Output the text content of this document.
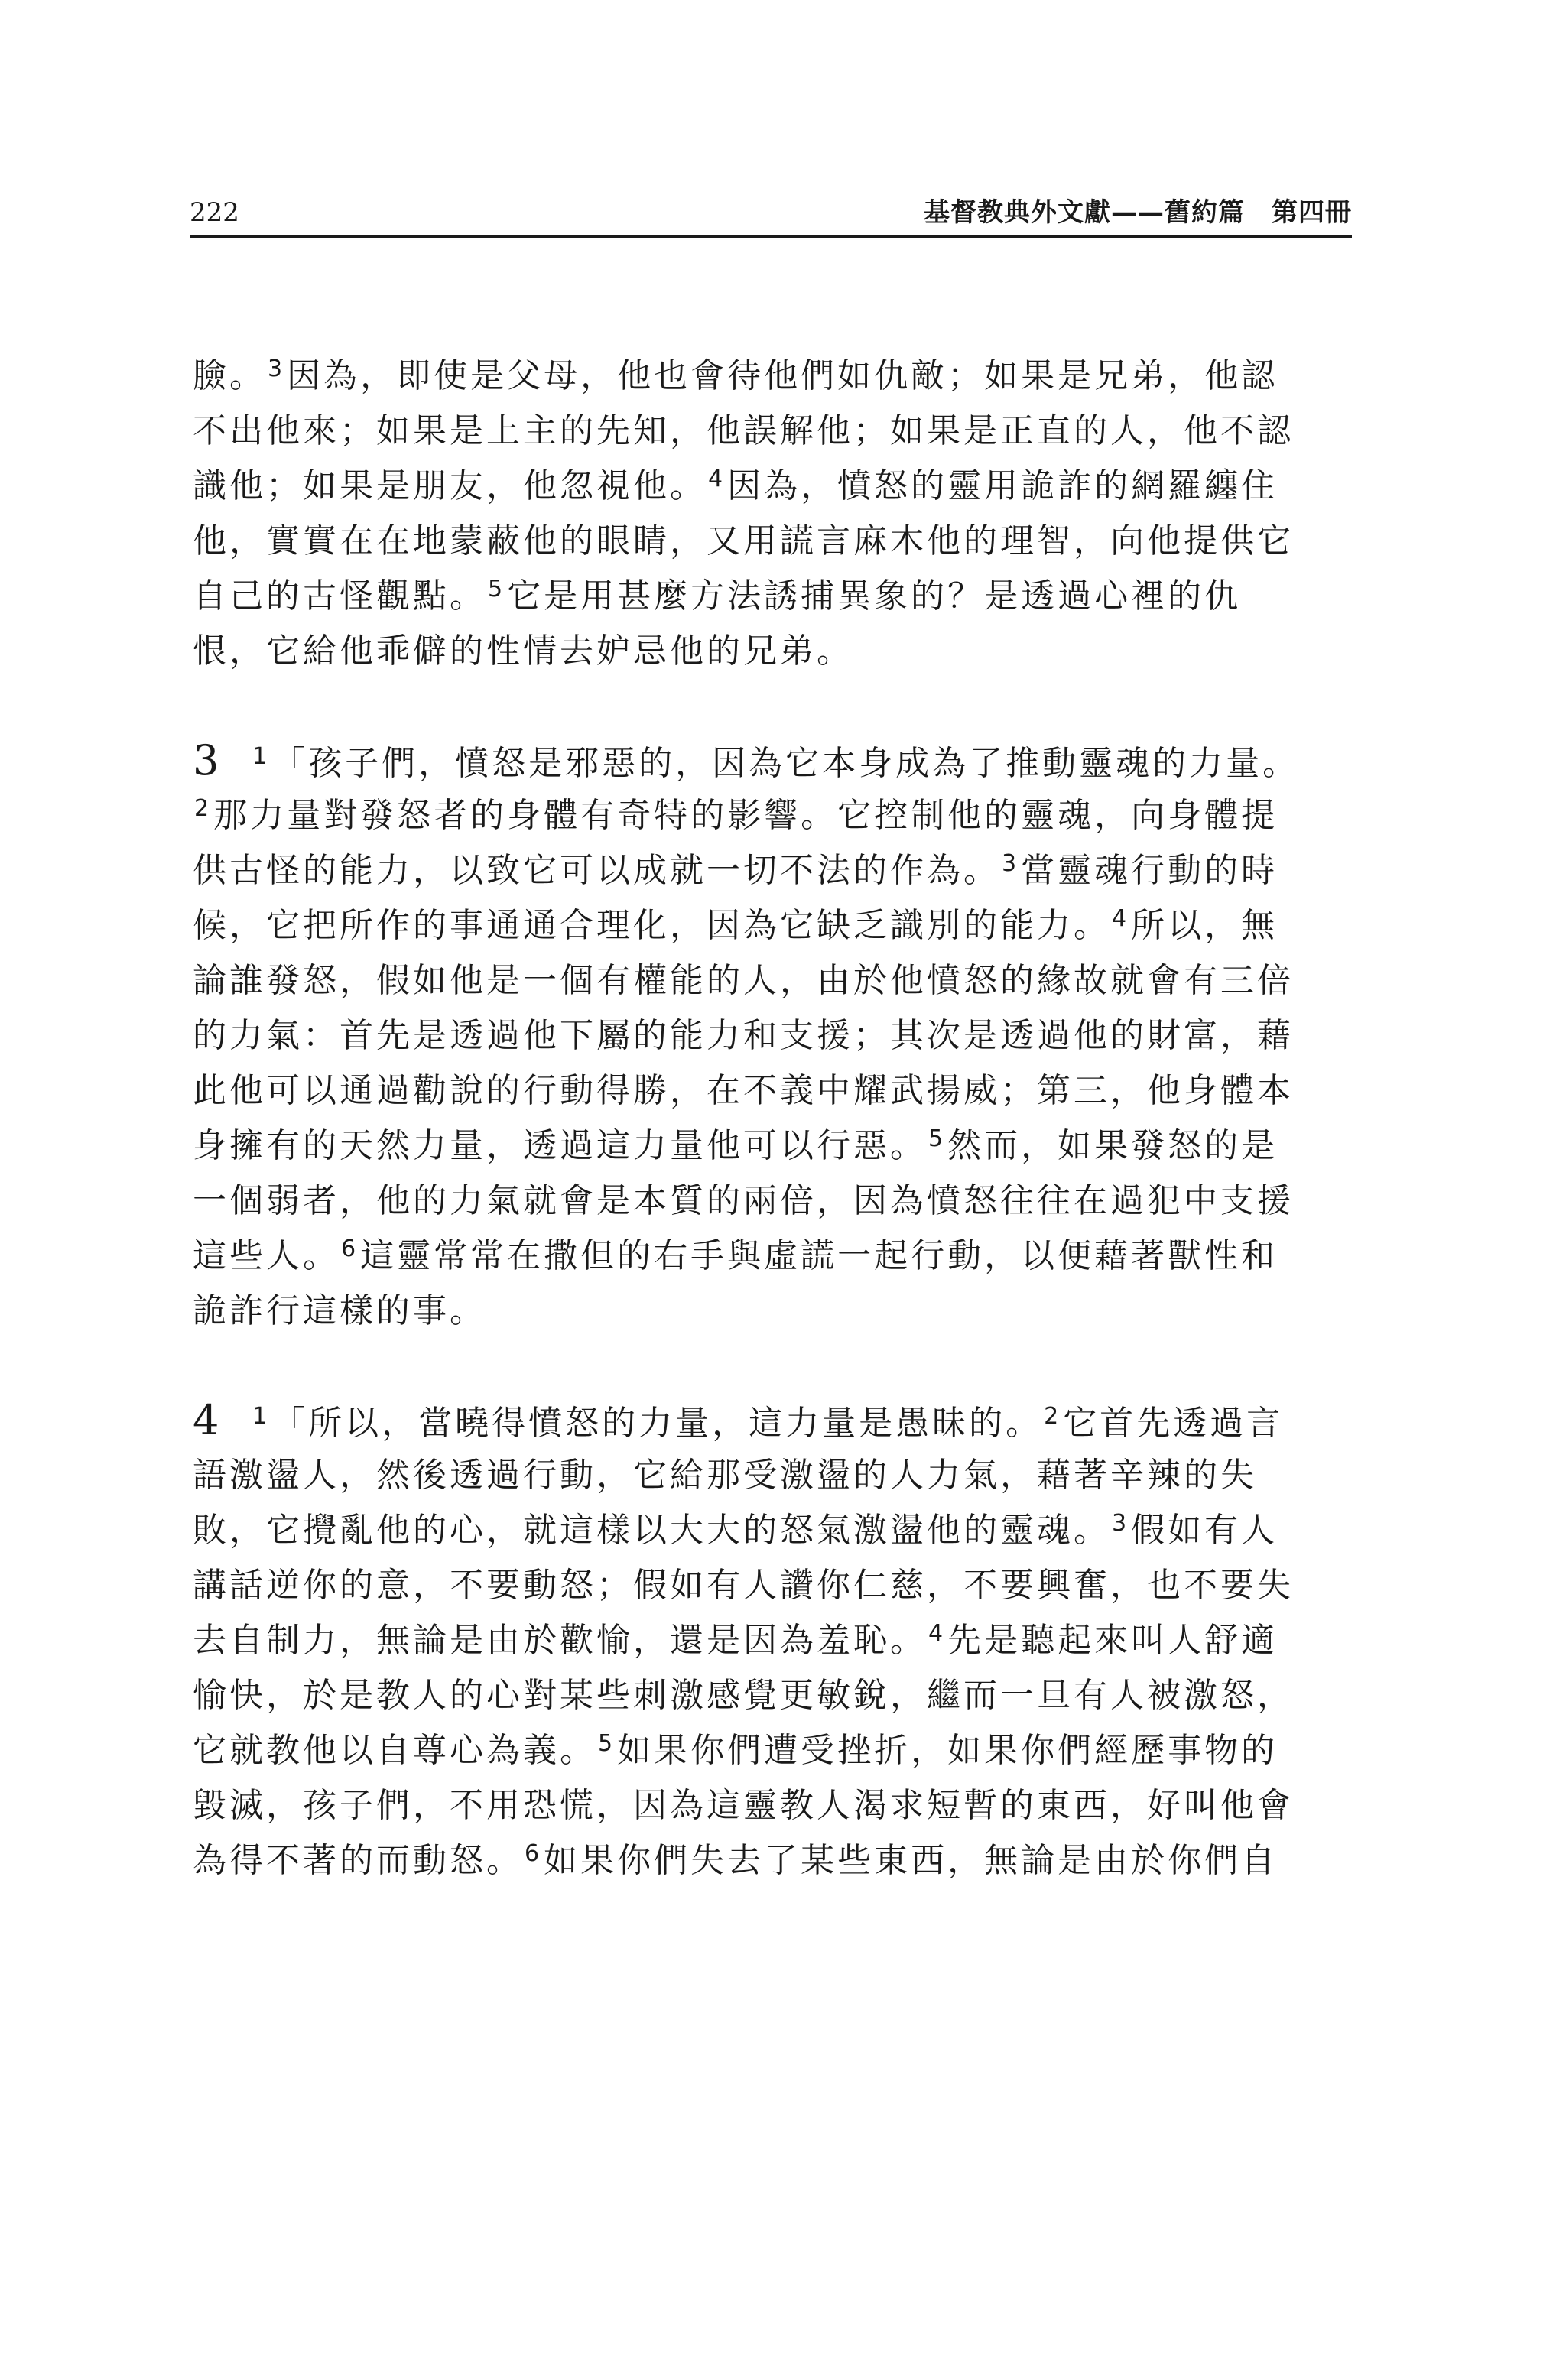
222	基督教典外文獻——舊約篇　第四冊
臉。$^3$ 因為，即使是父母，他也會待他們如仇敵；如果是兄弟，他認
不出他來；如果是上主的先知，他誤解他；如果是正直的人，他不認
識他；如果是朋友，他忽視他。$^4$ 因為，憤怒的靈用詭詐的網羅纏住
他，實實在在地蒙蔽他的眼睛，又用謊言麻木他的理智，向他提供它
自己的古怪觀點。$^5$ 它是用甚麼方法誘捕異象的？是透過心裡的仇
恨，它給他乖僻的性情去妒忌他的兄弟。
3 $^1$ 「孩子們，憤怒是邪惡的，因為它本身成為了推動靈魂的力量。
$^2$ 那力量對發怒者的身體有奇特的影響。它控制他的靈魂，向身體提
供古怪的能力，以致它可以成就一切不法的作為。$^3$ 當靈魂行動的時
候，它把所作的事通通合理化，因為它缺乏識別的能力。$^4$ 所以，無
論誰發怒，假如他是一個有權能的人，由於他憤怒的緣故就會有三倍
的力氣：首先是透過他下屬的能力和支援；其次是透過他的財富，藉
此他可以通過勸說的行動得勝，在不義中耀武揚威；第三，他身體本
身擁有的天然力量，透過這力量他可以行惡。$^5$ 然而，如果發怒的是
一個弱者，他的力氣就會是本質的兩倍，因為憤怒往往在過犯中支援
這些人。$^6$ 這靈常常在撒但的右手與虛謊一起行動，以便藉著獸性和
詭詐行這樣的事。
4 $^1$ 「所以，當曉得憤怒的力量，這力量是愚昧的。$^2$ 它首先透過言
語激盪人，然後透過行動，它給那受激盪的人力氣，藉著辛辣的失
敗，它攪亂他的心，就這樣以大大的怒氣激盪他的靈魂。$^3$ 假如有人
講話逆你的意，不要動怒；假如有人讚你仁慈，不要興奮，也不要失
去自制力，無論是由於歡愉，還是因為羞恥。$^4$ 先是聽起來叫人舒適
愉快，於是教人的心對某些刺激感覺更敏銳，繼而一旦有人被激怒，
它就教他以自尊心為義。$^5$ 如果你們遭受挫折，如果你們經歷事物的
毀滅，孩子們，不用恐慌，因為這靈教人渴求短暫的東西，好叫他會
為得不著的而動怒。$^6$ 如果你們失去了某些東西，無論是由於你們自
